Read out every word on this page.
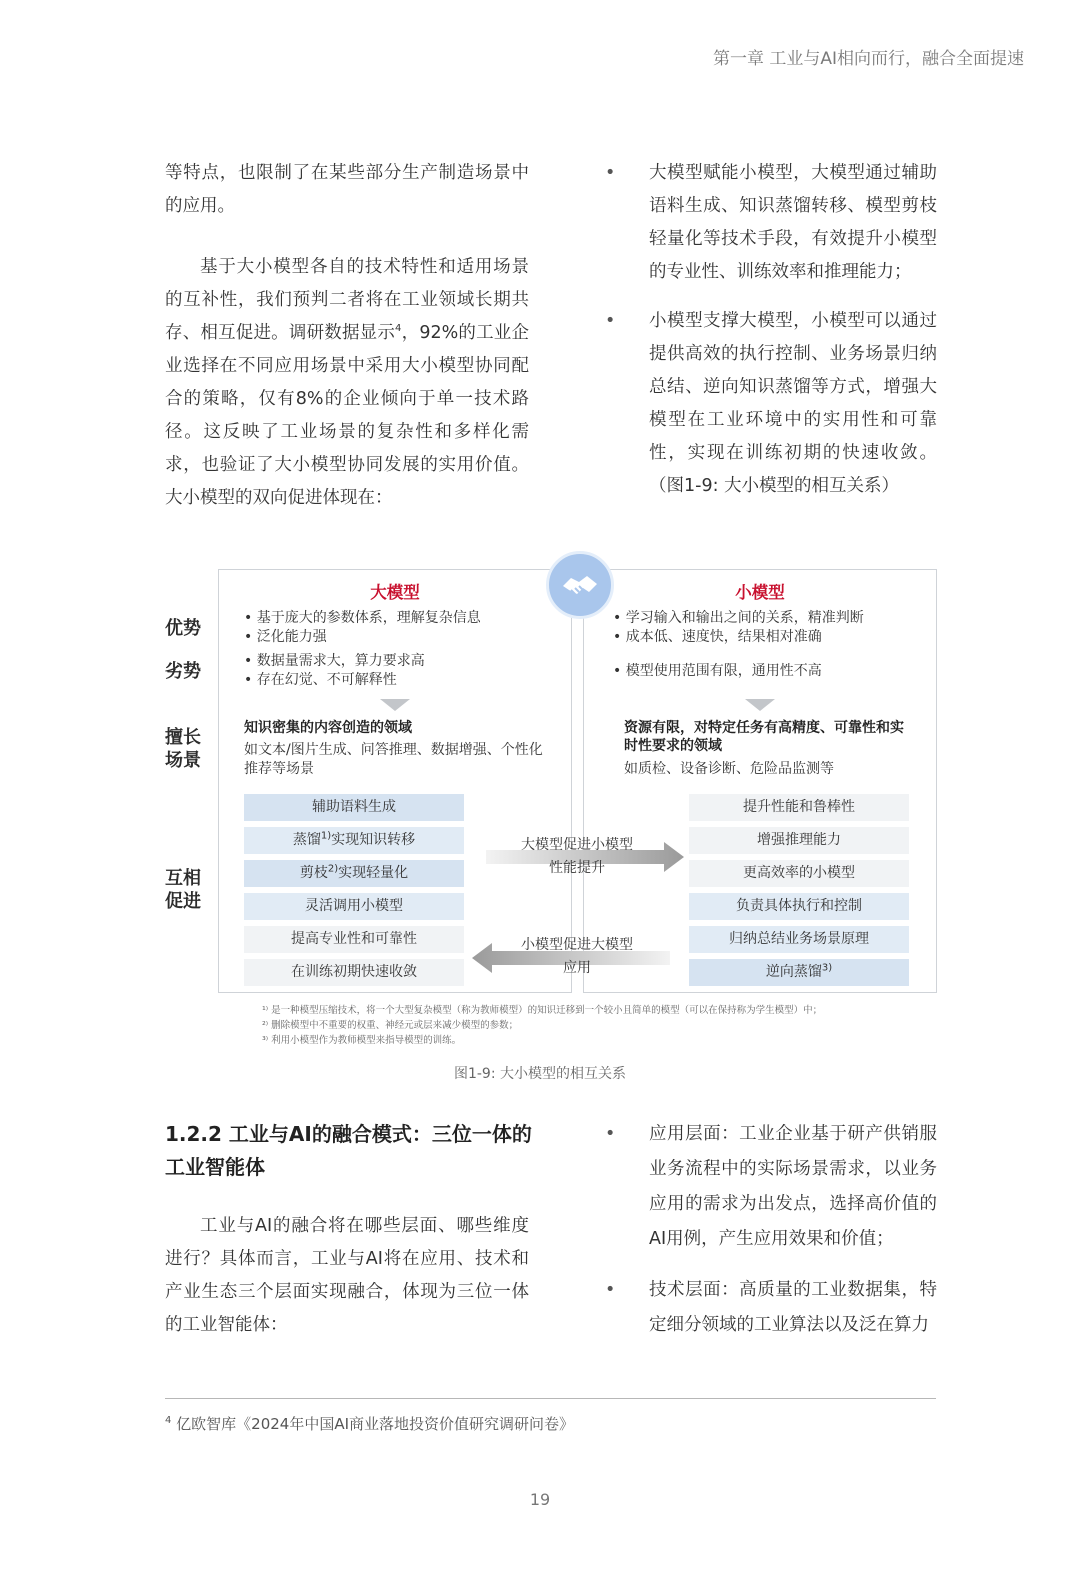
第一章 工业与AI相向而行，融合全面提速

等特点，也限制了在某些部分生产制造场景中的应用。

基于大小模型各自的技术特性和适用场景的互补性，我们预判二者将在工业领域长期共存、相互促进。调研数据显示$^4$，92%的工业企业选择在不同应用场景中采用大小模型协同配合的策略，仅有8%的企业倾向于单一技术路径。这反映了工业场景的复杂性和多样化需求，也验证了大小模型协同发展的实用价值。大小模型的双向促进体现在：

• 大模型赋能小模型，大模型通过辅助语料生成、知识蒸馏转移、模型剪枝轻量化等技术手段，有效提升小模型的专业性、训练效率和推理能力；
• 小模型支撑大模型，小模型可以通过提供高效的执行控制、业务场景归纳总结、逆向知识蒸馏等方式，增强大模型在工业环境中的实用性和可靠性，实现在训练初期的快速收敛。（图1-9: 大小模型的相互关系）
大模型	小模型
优势
劣势
擅长
场景
互相
促进
• 基于庞大的参数体系，理解复杂信息
• 泛化能力强
• 数据量需求大，算力要求高
• 存在幻觉、不可解释性
知识密集的内容创造的领域
如文本/图片生成、问答推理、数据增强、个性化推荐等场景
• 学习输入和输出之间的关系，精准判断
• 成本低、速度快，结果相对准确
• 模型使用范围有限，通用性不高
资源有限，对特定任务有高精度、可靠性和实时性要求的领域
如质检、设备诊断、危险品监测等
辅助语料生成
蒸馏$^{1)}$实现知识转移
剪枝$^{2)}$实现轻量化
灵活调用小模型
提高专业性和可靠性
在训练初期快速收敛
提升性能和鲁棒性
增强推理能力
更高效率的小模型
负责具体执行和控制
归纳总结业务场景原理
逆向蒸馏$^{3)}$
大模型促进小模型
性能提升
小模型促进大模型
应用
¹⁾ 是一种模型压缩技术，将一个大型复杂模型（称为教师模型）的知识迁移到一个较小且简单的模型（可以在保持称为学生模型）中；
²⁾ 删除模型中不重要的权重、神经元或层来减少模型的参数；
³⁾ 利用小模型作为教师模型来指导模型的训练。
图1-9: 大小模型的相互关系
1.2.2 工业与AI的融合模式：三位一体的工业智能体

工业与AI的融合将在哪些层面、哪些维度进行？具体而言，工业与AI将在应用、技术和产业生态三个层面实现融合，体现为三位一体的工业智能体：

• 应用层面：工业企业基于研产供销服业务流程中的实际场景需求，以业务应用的需求为出发点，选择高价值的AI用例，产生应用效果和价值；
• 技术层面：高质量的工业数据集，特定细分领域的工业算法以及泛在算力
$^4$ 亿欧智库《2024年中国AI商业落地投资价值研究调研问卷》
19
